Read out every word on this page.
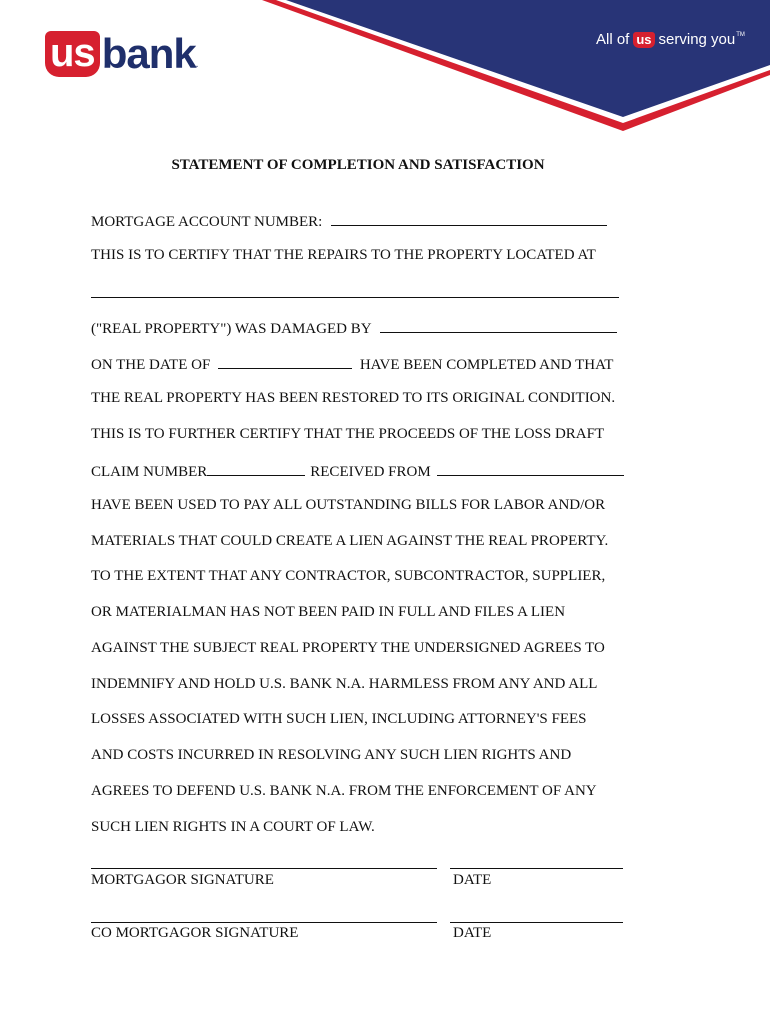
us bank .
All of us serving you TM
STATEMENT OF COMPLETION AND SATISFACTION
MORTGAGE ACCOUNT NUMBER:
THIS IS TO CERTIFY THAT THE REPAIRS TO THE PROPERTY LOCATED AT
("REAL PROPERTY") WAS DAMAGED BY
ON THE DATE OF	HAVE BEEN COMPLETED AND THAT
THE REAL PROPERTY HAS BEEN RESTORED TO ITS ORIGINAL CONDITION.
THIS IS TO FURTHER CERTIFY THAT THE PROCEEDS OF THE LOSS DRAFT
CLAIM NUMBER	RECEIVED FROM
HAVE BEEN USED TO PAY ALL OUTSTANDING BILLS FOR LABOR AND/OR
MATERIALS THAT COULD CREATE A LIEN AGAINST THE REAL PROPERTY.
TO THE EXTENT THAT ANY CONTRACTOR, SUBCONTRACTOR, SUPPLIER,
OR MATERIALMAN HAS NOT BEEN PAID IN FULL AND FILES A LIEN
AGAINST THE SUBJECT REAL PROPERTY THE UNDERSIGNED AGREES TO
INDEMNIFY AND HOLD U.S. BANK N.A. HARMLESS FROM ANY AND ALL
LOSSES ASSOCIATED WITH SUCH LIEN, INCLUDING ATTORNEY'S FEES
AND COSTS INCURRED IN RESOLVING ANY SUCH LIEN RIGHTS AND
AGREES TO DEFEND U.S. BANK N.A. FROM THE ENFORCEMENT OF ANY
SUCH LIEN RIGHTS IN A COURT OF LAW.
MORTGAGOR SIGNATURE	DATE
CO MORTGAGOR SIGNATURE	DATE
